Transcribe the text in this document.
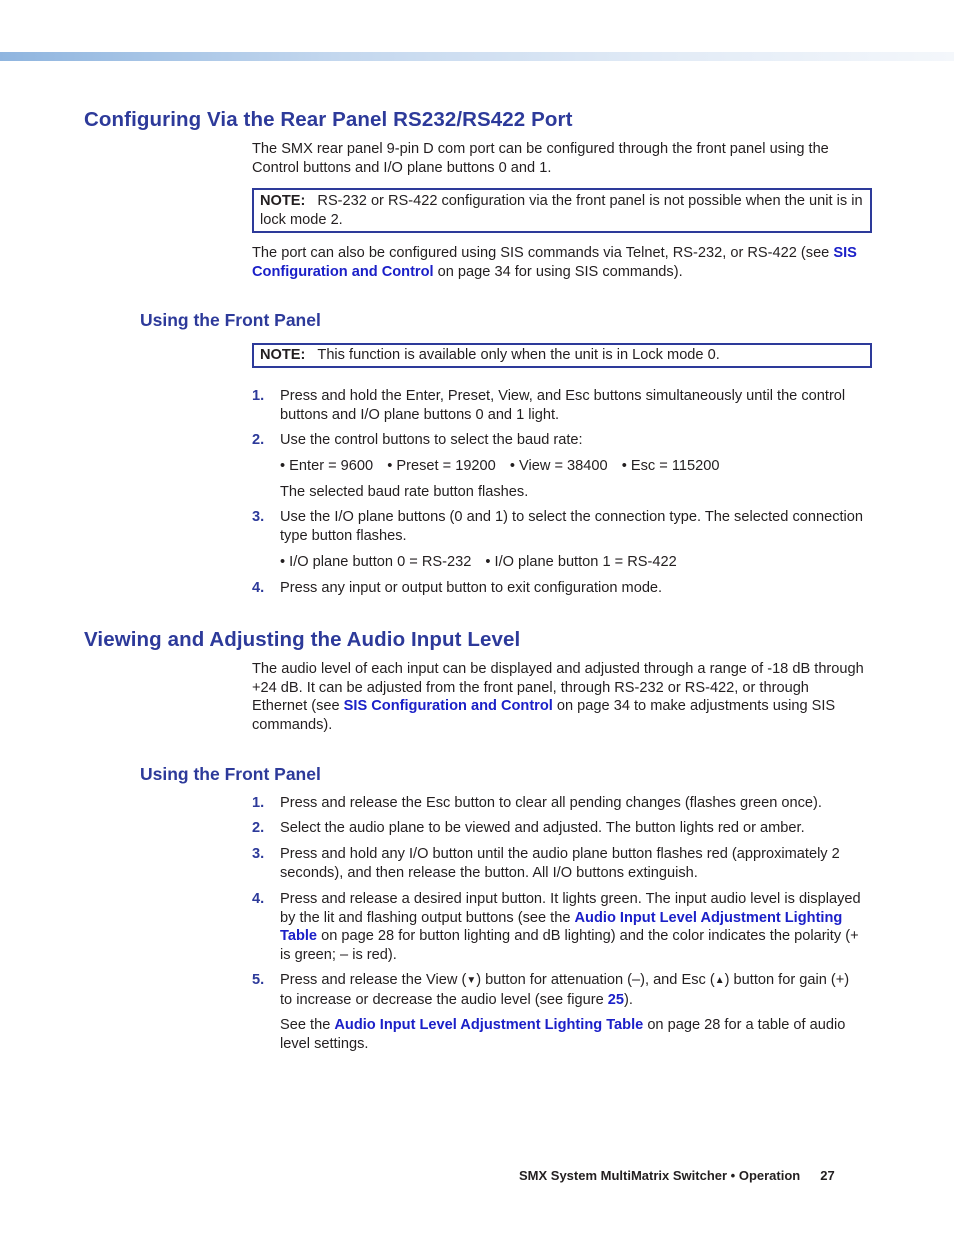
Configuring Via the Rear Panel RS232/RS422 Port

The SMX rear panel 9-pin D com port can be configured through the front panel using the Control buttons and I/O plane buttons 0 and 1.

NOTE: RS-232 or RS-422 configuration via the front panel is not possible when the unit is in lock mode 2.

The port can also be configured using SIS commands via Telnet, RS-232, or RS-422 (see SIS Configuration and Control on page 34 for using SIS commands).

Using the Front Panel
NOTE: This function is available only when the unit is in Lock mode 0.
1.	Press and hold the Enter, Preset, View, and Esc buttons simultaneously until the control buttons and I/O plane buttons 0 and 1 light.
2.	Use the control buttons to select the baud rate:

• Enter = 9600 • Preset = 19200 • View = 38400 • Esc = 115200

The selected baud rate button flashes.

3.	Use the I/O plane buttons (0 and 1) to select the connection type. The selected connection type button flashes.

• I/O plane button 0 = RS-232 • I/O plane button 1 = RS-422

4.	Press any input or output button to exit configuration mode.
Viewing and Adjusting the Audio Input Level

The audio level of each input can be displayed and adjusted through a range of -18 dB through +24 dB. It can be adjusted from the front panel, through RS-232 or RS-422, or through Ethernet (see SIS Configuration and Control on page 34 to make adjustments using SIS commands).

Using the Front Panel
1.	Press and release the Esc button to clear all pending changes (flashes green once).
2.	Select the audio plane to be viewed and adjusted. The button lights red or amber.
3.	Press and hold any I/O button until the audio plane button flashes red (approximately 2 seconds), and then release the button. All I/O buttons extinguish.
4.	Press and release a desired input button. It lights green. The input audio level is displayed by the lit and flashing output buttons (see the Audio Input Level Adjustment Lighting Table on page 28 for button lighting and dB lighting) and the color indicates the polarity (+ is green; – is red).
5.	Press and release the View (▼) button for attenuation (–), and Esc (▲) button for gain (+) to increase or decrease the audio level (see figure 25).

See the Audio Input Level Adjustment Lighting Table on page 28 for a table of audio level settings.

SMX System MultiMatrix Switcher • Operation 27
